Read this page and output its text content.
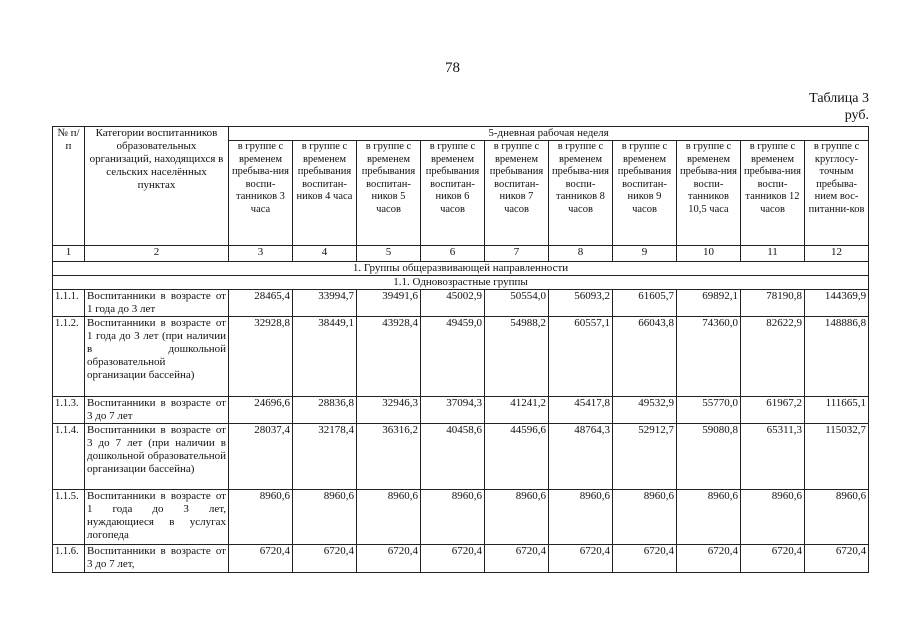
78
Таблица 3
руб.
№ п/п	Категории воспитанников образовательных организаций, находящихся в сельских населённых пунктах	5-дневная рабочая неделя									
		в группе с временем пребыва-ния воспи-танников 3 часа	в группе с временем пребывания воспитан-ников 4 часа	в группе с временем пребывания воспитан-ников 5 часов	в группе с временем пребывания воспитан-ников 6 часов	в группе с временем пребывания воспитан-ников 7 часов	в группе с временем пребыва-ния воспи-танников 8 часов	в группе с временем пребывания воспитан-ников 9 часов	в группе с временем пребыва-ния воспи-танников 10,5 часа	в группе с временем пребыва-ния воспи-танников 12 часов	в группе с круглосу-точным пребыва-нием вос-питанни-ков
1	2	3	4	5	6	7	8	9	10	11	12
1. Группы общеразвивающей направленности											
1.1. Одновозрастные группы											
1.1.1.	Воспитанники в возрасте от 1 года до 3 лет	28465,4	33994,7	39491,6	45002,9	50554,0	56093,2	61605,7	69892,1	78190,8	144369,9
1.1.2.	Воспитанники в возрасте от 1 года до 3 лет (при наличии в дошкольной образовательной организации бассейна)	32928,8	38449,1	43928,4	49459,0	54988,2	60557,1	66043,8	74360,0	82622,9	148886,8
1.1.3.	Воспитанники в возрасте от 3 до 7 лет	24696,6	28836,8	32946,3	37094,3	41241,2	45417,8	49532,9	55770,0	61967,2	111665,1
1.1.4.	Воспитанники в возрасте от 3 до 7 лет (при наличии в дошкольной образовательной организации бассейна)	28037,4	32178,4	36316,2	40458,6	44596,6	48764,3	52912,7	59080,8	65311,3	115032,7
1.1.5.	Воспитанники в возрасте от 1 года до 3 лет, нуждающиеся в услугах логопеда	8960,6	8960,6	8960,6	8960,6	8960,6	8960,6	8960,6	8960,6	8960,6	8960,6
1.1.6.	Воспитанники в возрасте от 3 до 7 лет,	6720,4	6720,4	6720,4	6720,4	6720,4	6720,4	6720,4	6720,4	6720,4	6720,4
